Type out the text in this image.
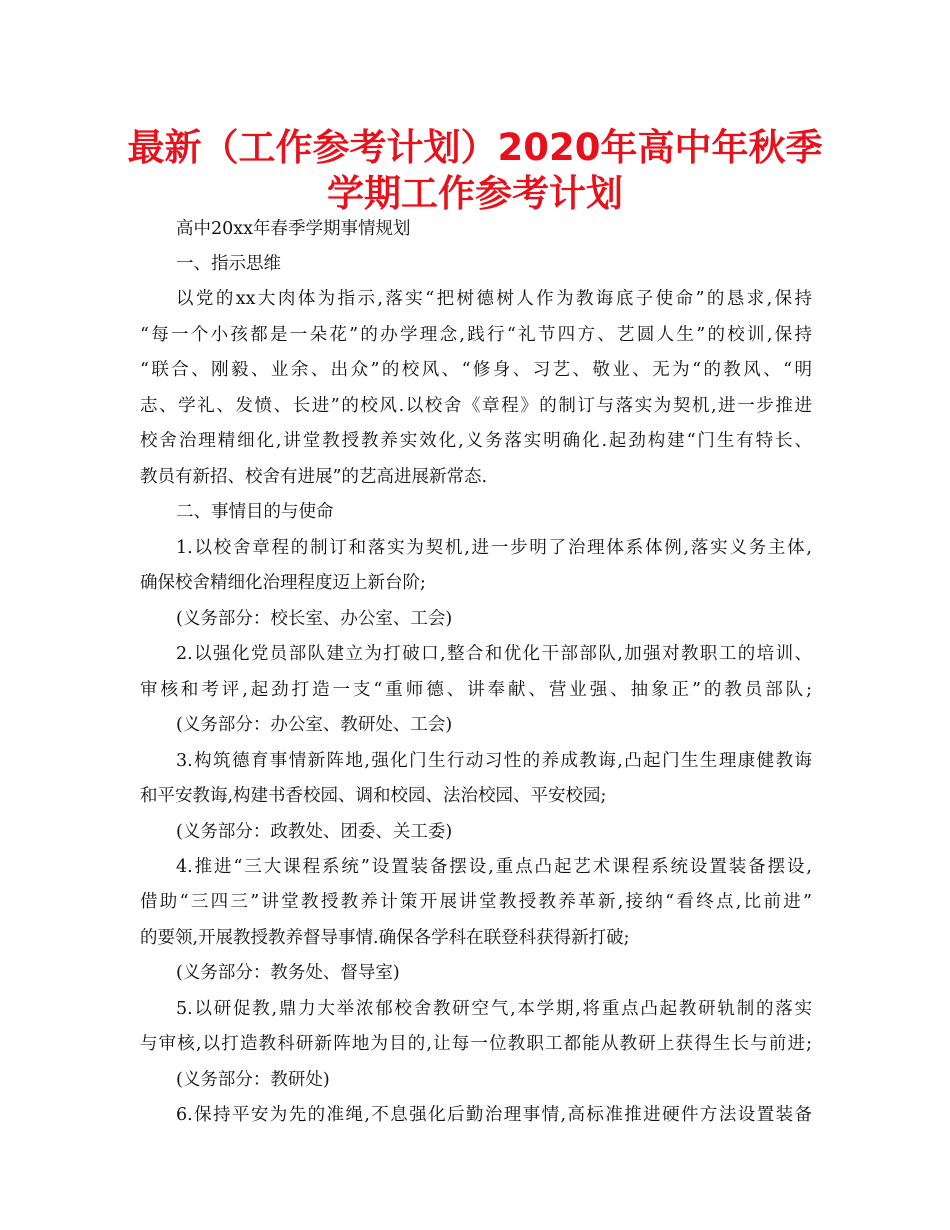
最新（工作参考计划）2020年高中年秋季
学期工作参考计划

高中20xx年春季学期事情规划

一、指示思维

以党的xx大肉体为指示,落实“把树德树人作为教诲底子使命”的恳求,保持

“每一个小孩都是一朵花”的办学理念,践行“礼节四方、艺圆人生”的校训,保持

“联合、刚毅、业余、出众”的校风、“修身、习艺、敬业、无为“的教风、“明

志、学礼、发愤、长进”的校风.以校舍《章程》的制订与落实为契机,进一步推进

校舍治理精细化,讲堂教授教养实效化,义务落实明确化.起劲构建“门生有特长、

教员有新招、校舍有进展”的艺高进展新常态.

二、事情目的与使命

1.以校舍章程的制订和落实为契机,进一步明了治理体系体例,落实义务主体,

确保校舍精细化治理程度迈上新台阶;

(义务部分：校长室、办公室、工会)

2.以强化党员部队建立为打破口,整合和优化干部部队,加强对教职工的培训、

审核和考评,起劲打造一支“重师德、讲奉献、营业强、抽象正”的教员部队;

(义务部分：办公室、教研处、工会)

3.构筑德育事情新阵地,强化门生行动习性的养成教诲,凸起门生生理康健教诲

和平安教诲,构建书香校园、调和校园、法治校园、平安校园;

(义务部分：政教处、团委、关工委)

4.推进“三大课程系统”设置装备摆设,重点凸起艺术课程系统设置装备摆设,

借助“三四三”讲堂教授教养计策开展讲堂教授教养革新,接纳“看终点,比前进”

的要领,开展教授教养督导事情.确保各学科在联登科获得新打破;

(义务部分：教务处、督导室)

5.以研促教,鼎力大举浓郁校舍教研空气,本学期,将重点凸起教研轨制的落实

与审核,以打造教科研新阵地为目的,让每一位教职工都能从教研上获得生长与前进;

(义务部分：教研处)

6.保持平安为先的准绳,不息强化后勤治理事情,高标准推进硬件方法设置装备
